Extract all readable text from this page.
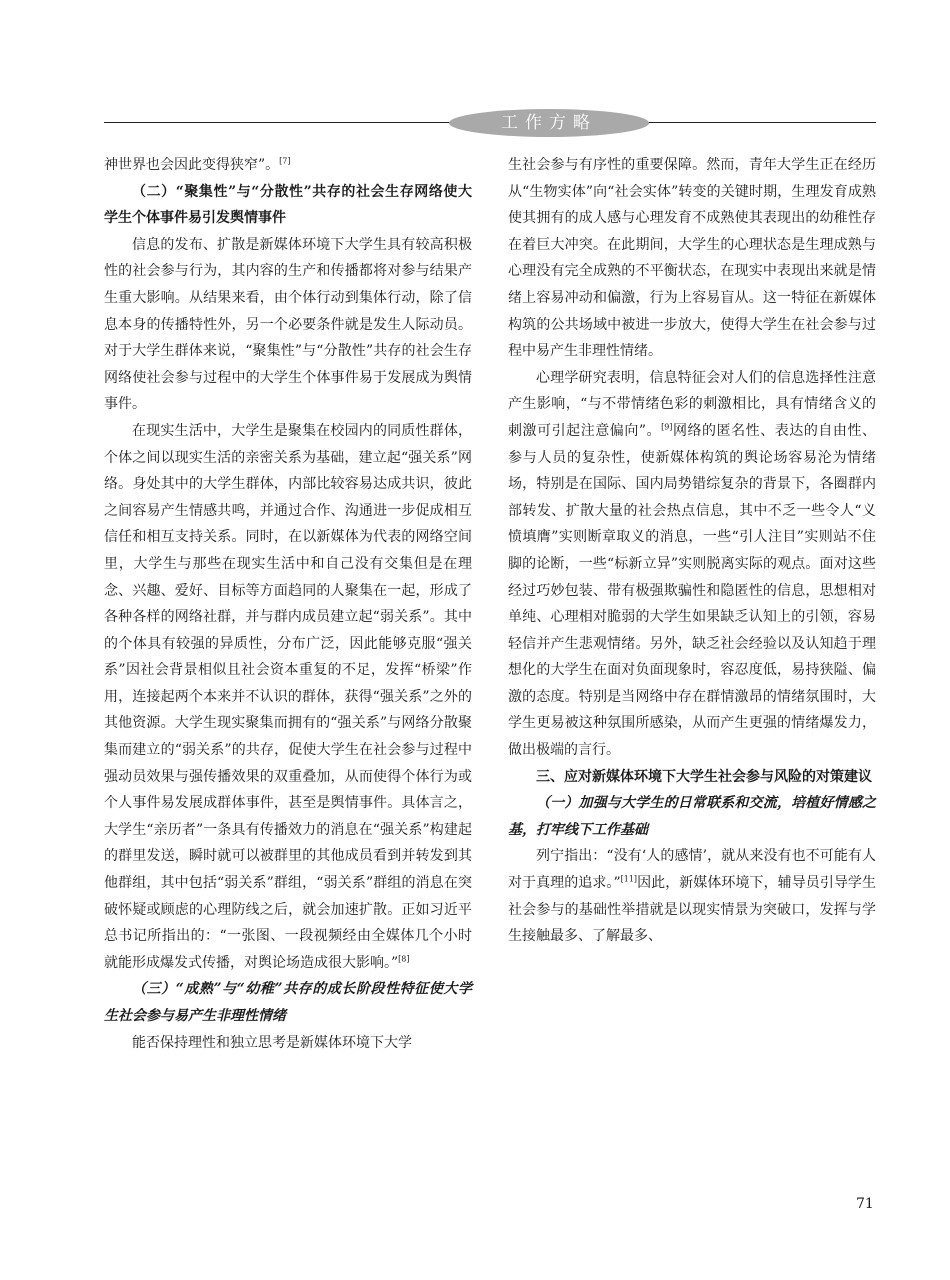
工作方略

神世界也会因此变得狭窄”。[7]

（二）“聚集性”与“分散性”共存的社会生存网络使大学生个体事件易引发舆情事件

信息的发布、扩散是新媒体环境下大学生具有较高积极性的社会参与行为，其内容的生产和传播都将对参与结果产生重大影响。从结果来看，由个体行动到集体行动，除了信息本身的传播特性外，另一个必要条件就是发生人际动员。对于大学生群体来说，“聚集性”与“分散性”共存的社会生存网络使社会参与过程中的大学生个体事件易于发展成为舆情事件。

在现实生活中，大学生是聚集在校园内的同质性群体，个体之间以现实生活的亲密关系为基础，建立起“强关系”网络。身处其中的大学生群体，内部比较容易达成共识，彼此之间容易产生情感共鸣，并通过合作、沟通进一步促成相互信任和相互支持关系。同时，在以新媒体为代表的网络空间里，大学生与那些在现实生活中和自己没有交集但是在理念、兴趣、爱好、目标等方面趋同的人聚集在一起，形成了各种各样的网络社群，并与群内成员建立起“弱关系”。其中的个体具有较强的异质性，分布广泛，因此能够克服“强关系”因社会背景相似且社会资本重复的不足，发挥“桥梁”作用，连接起两个本来并不认识的群体，获得“强关系”之外的其他资源。大学生现实聚集而拥有的“强关系”与网络分散聚集而建立的“弱关系”的共存，促使大学生在社会参与过程中强动员效果与强传播效果的双重叠加，从而使得个体行为或个人事件易发展成群体事件，甚至是舆情事件。具体言之，大学生“亲历者”一条具有传播效力的消息在“强关系”构建起的群里发送，瞬时就可以被群里的其他成员看到并转发到其他群组，其中包括“弱关系”群组，“弱关系”群组的消息在突破怀疑或顾虑的心理防线之后，就会加速扩散。正如习近平总书记所指出的：“一张图、一段视频经由全媒体几个小时就能形成爆发式传播，对舆论场造成很大影响。”[8]

（三）“成熟”与“幼稚”共存的成长阶段性特征使大学生社会参与易产生非理性情绪

能否保持理性和独立思考是新媒体环境下大学

生社会参与有序性的重要保障。然而，青年大学生正在经历从“生物实体”向“社会实体”转变的关键时期，生理发育成熟使其拥有的成人感与心理发育不成熟使其表现出的幼稚性存在着巨大冲突。在此期间，大学生的心理状态是生理成熟与心理没有完全成熟的不平衡状态，在现实中表现出来就是情绪上容易冲动和偏激，行为上容易盲从。这一特征在新媒体构筑的公共场域中被进一步放大，使得大学生在社会参与过程中易产生非理性情绪。

心理学研究表明，信息特征会对人们的信息选择性注意产生影响，“与不带情绪色彩的刺激相比，具有情绪含义的刺激可引起注意偏向”。[9]网络的匿名性、表达的自由性、参与人员的复杂性，使新媒体构筑的舆论场容易沦为情绪场，特别是在国际、国内局势错综复杂的背景下，各圈群内部转发、扩散大量的社会热点信息，其中不乏一些令人“义愤填膺”实则断章取义的消息，一些“引人注目”实则站不住脚的论断，一些“标新立异”实则脱离实际的观点。面对这些经过巧妙包装、带有极强欺骗性和隐匿性的信息，思想相对单纯、心理相对脆弱的大学生如果缺乏认知上的引领，容易轻信并产生悲观情绪。另外，缺乏社会经验以及认知趋于理想化的大学生在面对负面现象时，容忍度低，易持狭隘、偏激的态度。特别是当网络中存在群情激昂的情绪氛围时，大学生更易被这种氛围所感染，从而产生更强的情绪爆发力，做出极端的言行。

三、应对新媒体环境下大学生社会参与风险的对策建议
（一）加强与大学生的日常联系和交流，培植好情感之基，打牢线下工作基础

列宁指出：“没有‘人的感情’，就从来没有也不可能有人对于真理的追求。”[11]因此，新媒体环境下，辅导员引导学生社会参与的基础性举措就是以现实情景为突破口，发挥与学生接触最多、了解最多、

71
